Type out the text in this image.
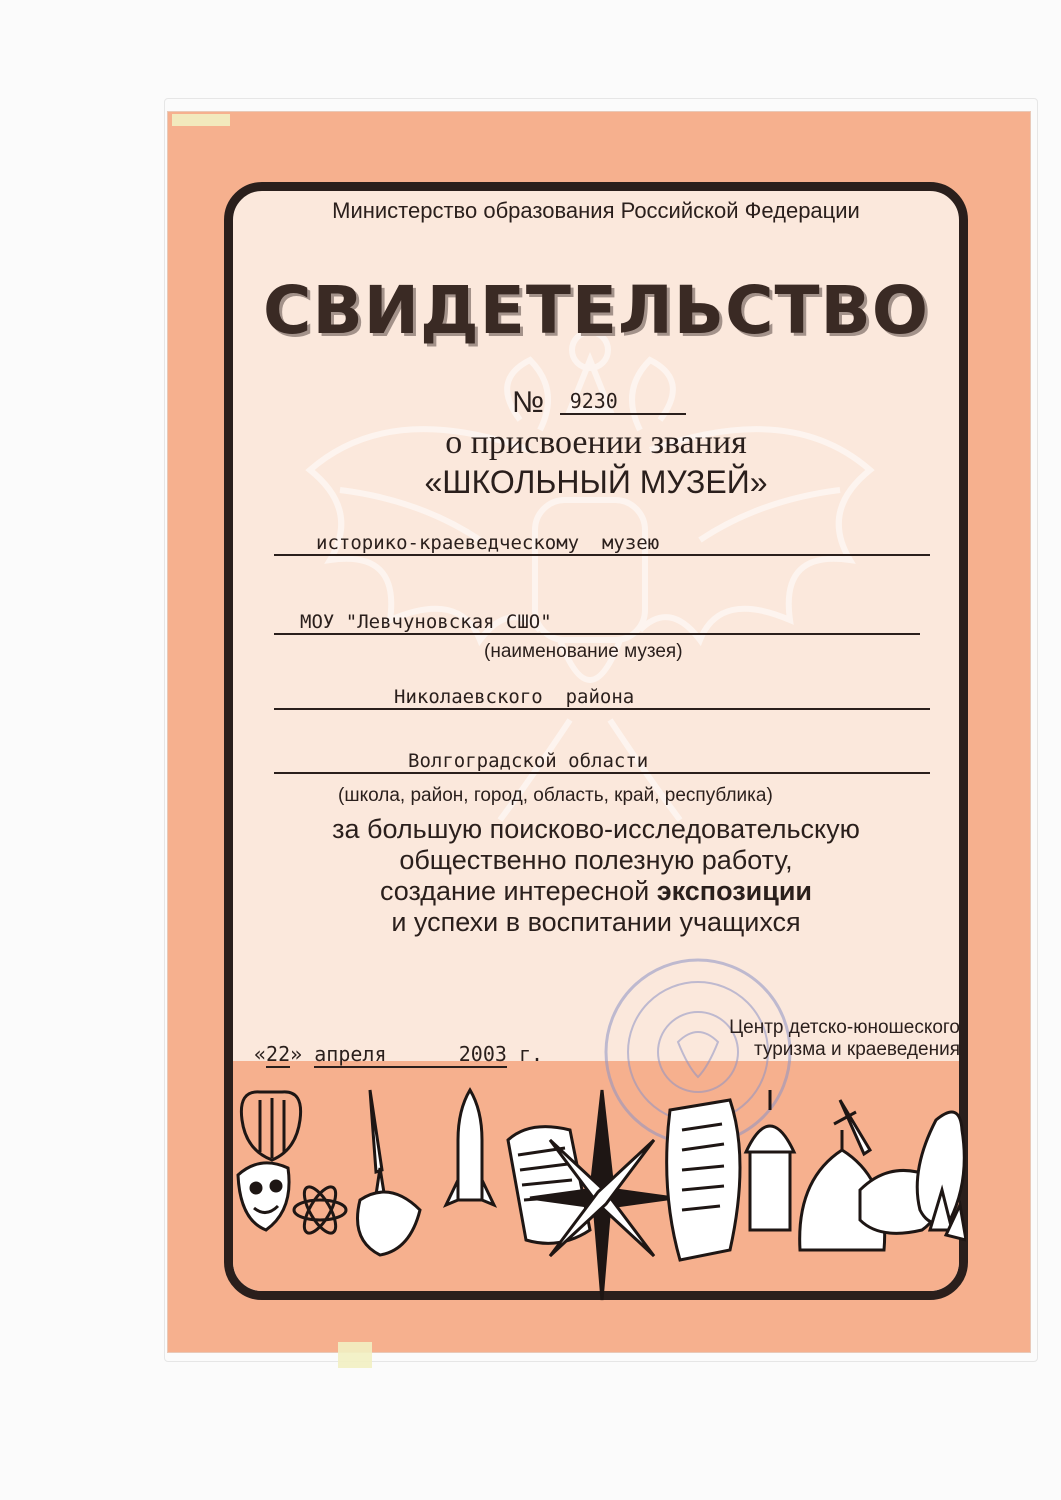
Министерство образования Российской Федерации
СВИДЕТЕЛЬСТВО
№ 9230
о присвоении звания
«ШКОЛЬНЫЙ МУЗЕЙ»
историко-краеведческому  музею
МОУ "Левчуновская СШО"
(наименование музея)
Николаевского  района
Волгоградской области
(школа, район, город, область, край, республика)
за большую поисково-исследовательскую
общественно полезную работу,
создание интересной экспозиции
и успехи в воспитании учащихся
«22» апреля	2003 г.
Центр детско-юношеского
туризма и краеведения
